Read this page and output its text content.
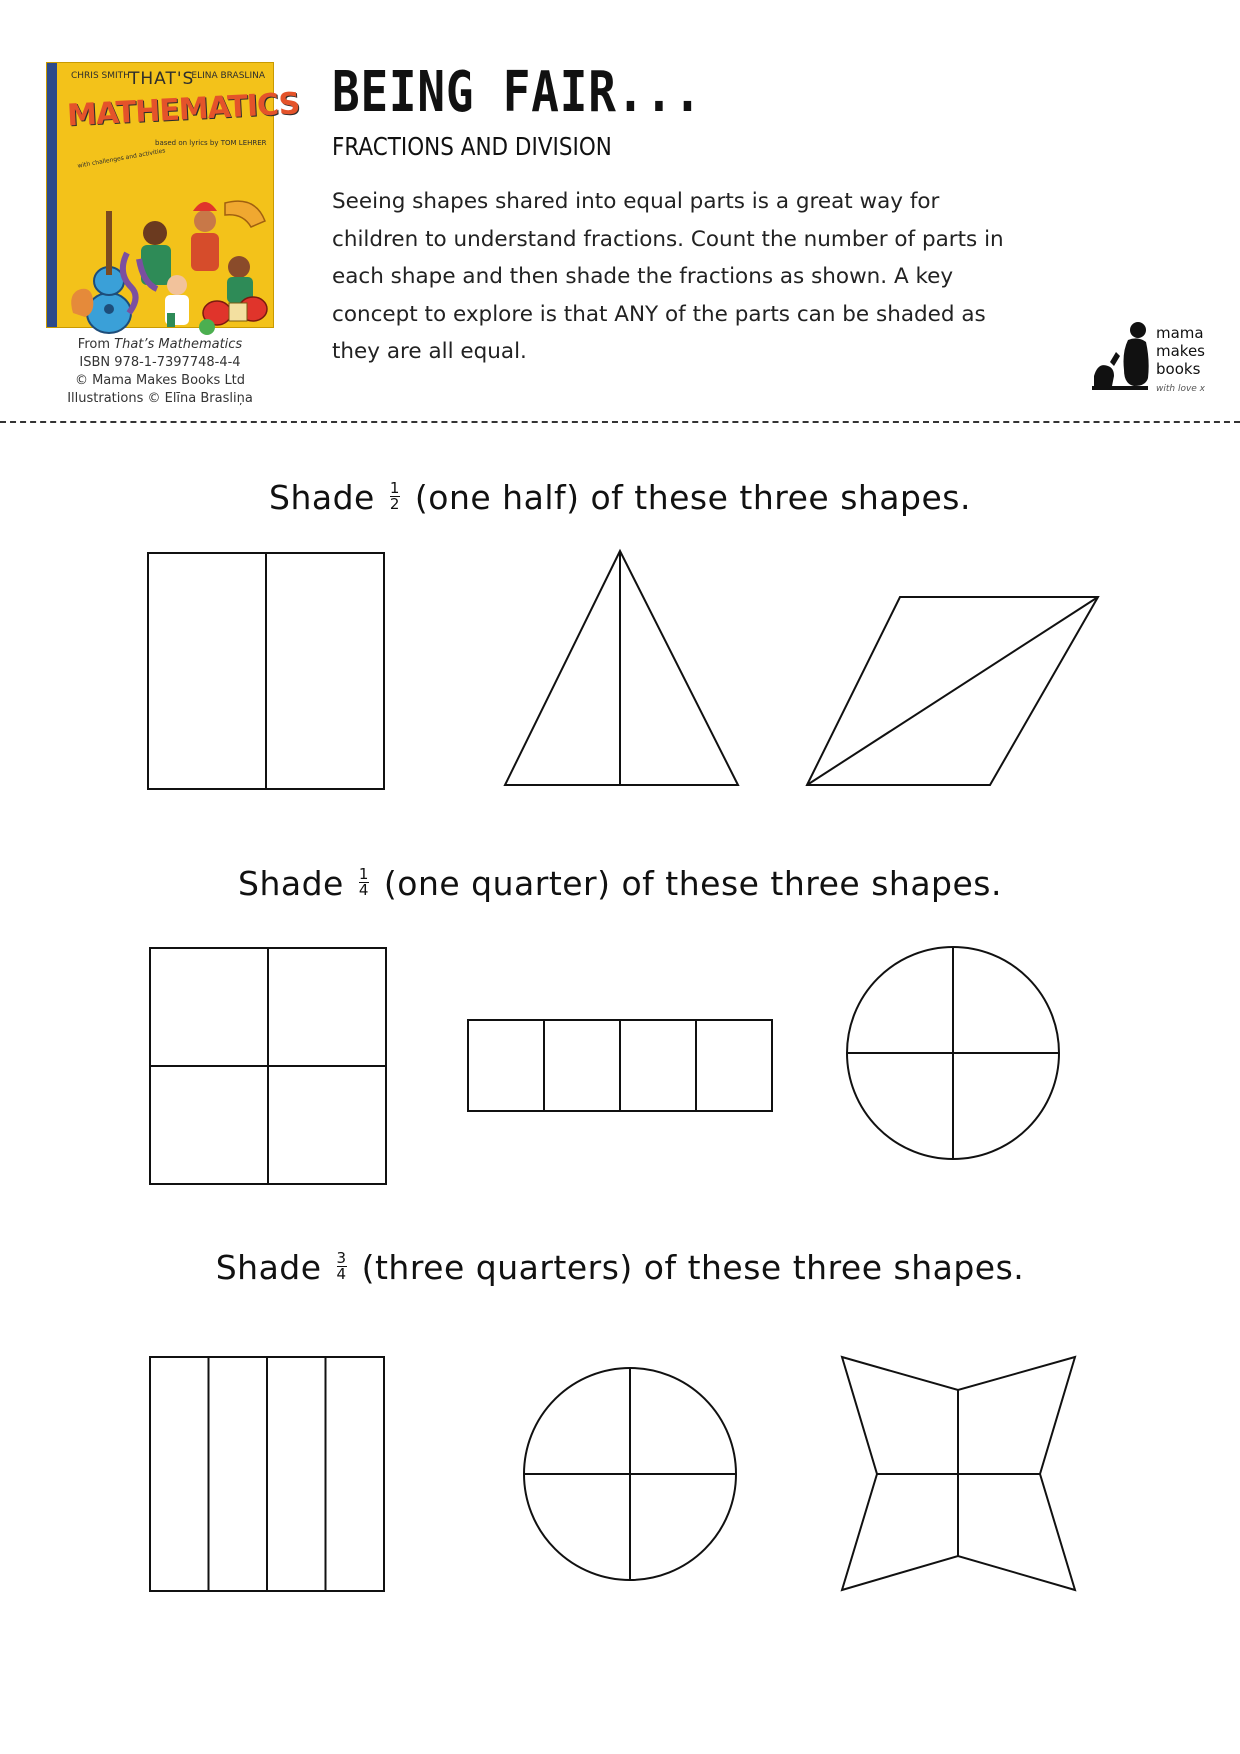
CHRIS SMITH	ELINA BRASLINA
THAT'S
MATHEMATICS
based on lyrics by TOM LEHRER
with challenges and activities
From That’s Mathematics
ISBN 978-1-7397748-4-4
© Mama Makes Books Ltd
Illustrations © Elīna Brasliņa
BEING FAIR...
FRACTIONS AND DIVISION
Seeing shapes shared into equal parts is a great way for children to understand fractions. Count the number of parts in each shape and then shade the fractions as shown. A key concept to explore is that ANY of the parts can be shaded as they are all equal.
mama
makes
books
with love x
Shade $\frac{1}{2} (one$ half) of these three shapes.
Shade $\frac{1}{4} (one$ quarter) of these three shapes.
Shade $\frac{3}{4}$ (three quarters) of these three shapes.
